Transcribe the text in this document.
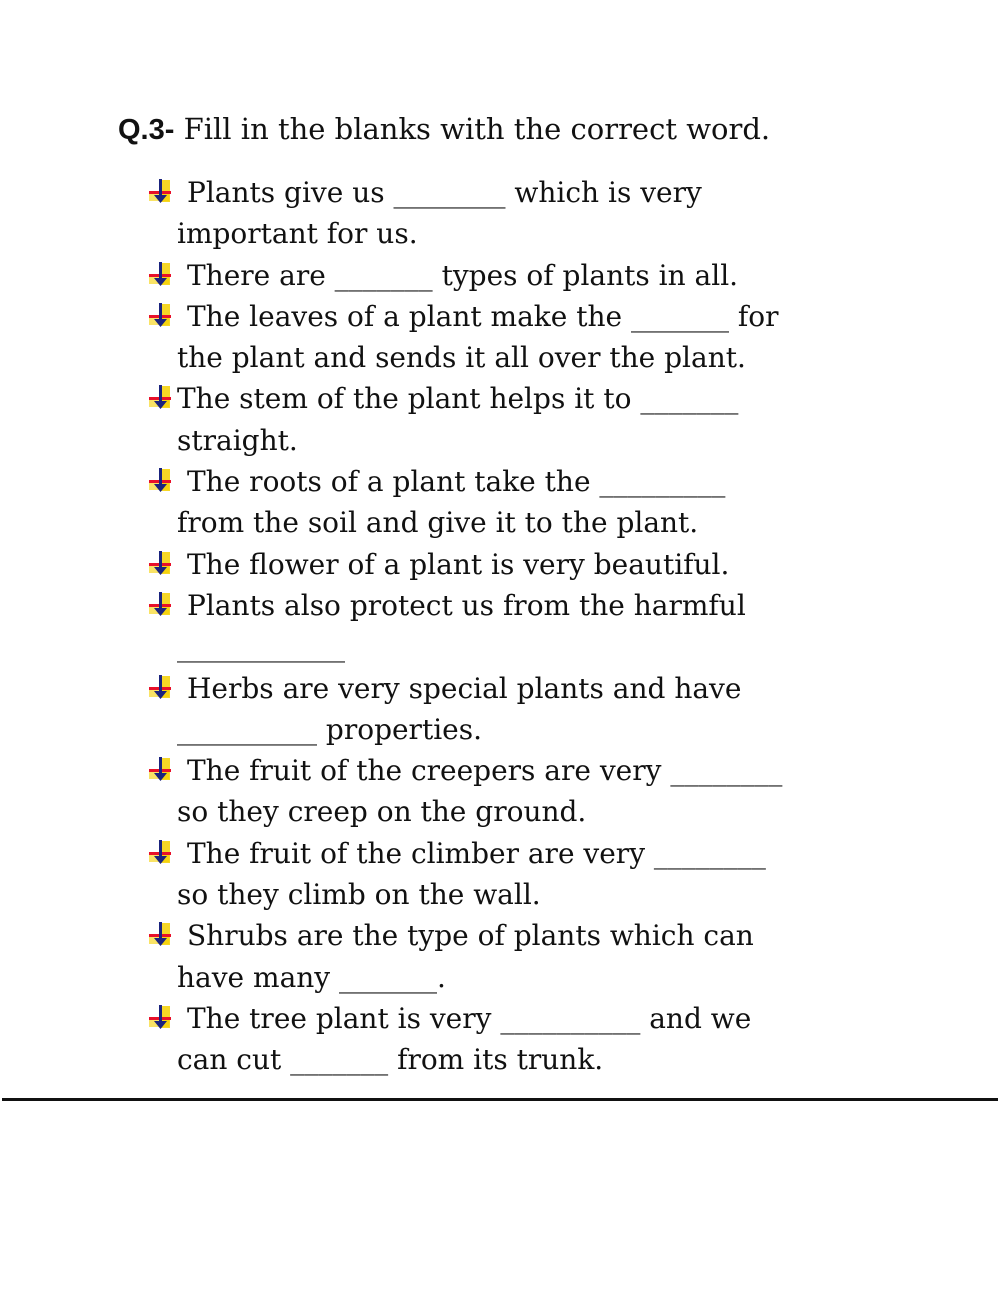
Q.3- Fill in the blanks with the correct word.
Plants give us ________ which is very
important for us.
There are _______ types of plants in all.
The leaves of a plant make the _______ for
the plant and sends it all over the plant.
The stem of the plant helps it to _______
straight.
The roots of a plant take the _________
from the soil and give it to the plant.
The flower of a plant is very beautiful.
Plants also protect us from the harmful
____________
Herbs are very special plants and have
__________ properties.
The fruit of the creepers are very ________
so they creep on the ground.
The fruit of the climber are very ________
so they climb on the wall.
Shrubs are the type of plants which can
have many _______.
The tree plant is very __________ and we
can cut _______ from its trunk.
